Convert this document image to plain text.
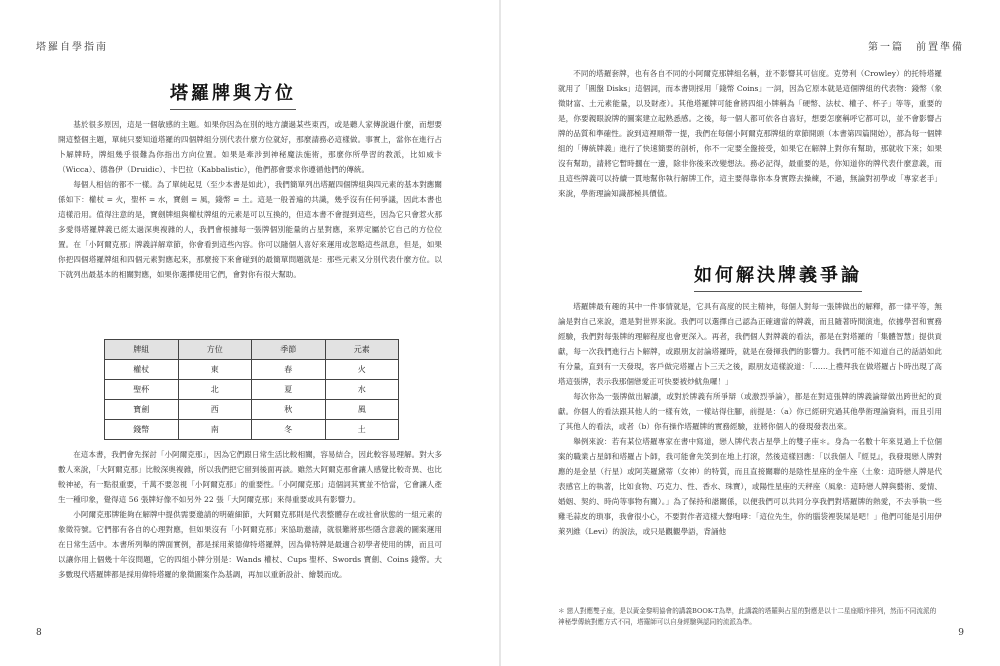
塔羅自學指南
塔羅牌與方位

基於很多原因，這是一個敏感的主題。如果你因為在別的地方讀過某些東西，或是聽人家傳說過什麼，而想要開這整個主題，單純只要知道塔羅的四個牌組分別代表什麼方位就好，那麼請務必這樣做。事實上，當你在進行占卜解牌時，牌組幾乎很難為你指出方向位置。如果是牽涉到神秘魔法施術，那麼你所學習的教派，比如威卡（Wicca）、德魯伊（Druidic）、卡巴拉（Kabbalistic），他們都會要求你遵循他們的傳統。

每個人相信的都不一樣。為了單純起見（至少本書是如此），我們簡單列出塔羅四個牌組與四元素的基本對應關係如下：權杖 = 火，聖杯 = 水，寶劍 = 風，錢幣 = 土。這是一般普遍的共識，幾乎沒有任何爭議，因此本書也這樣沿用。值得注意的是，寶劍牌組與權杖牌組的元素是可以互換的，但這本書不會提到這些，因為它只會惹火那多愛得塔羅牌義已經太過深奧複雜的人，我們會根據每一張牌個別能量的占星對應，來界定屬於它自己的方位位置。在「小阿爾克那」牌義詳解章節，你會看到這些內容。你可以隨個人喜好來運用或忽略這些訊息，但是，如果你把四個塔羅牌組和四個元素對應起來，那麼接下來會碰到的最簡單問題就是：那些元素又分別代表什麼方位。以下就列出最基本的相關對應，如果你選擇使用它們，會對你有很大幫助。

牌組	方位	季節	元素
權杖	東	春	火
聖杯	北	夏	水
寶劍	西	秋	風
錢幣	南	冬	土

在這本書，我們會先探討「小阿爾克那」，因為它們跟日常生活比較相關，容易結合，因此較容易理解。對大多數人來說，「大阿爾克那」比較深奧複雜，所以我們把它留到後面再談。雖然大阿爾克那會讓人感覺比較奇異、也比較神祕，有一點很重要，千萬不要忽視「小阿爾克那」的重要性。「小阿爾克那」這個詞其實並不恰當，它會讓人產生一種印象，覺得這 56 張牌好像不如另外 22 張「大阿爾克那」來得重要或具有影響力。

小阿爾克那牌能夠在解牌中提供需要邀請的明確細節，大阿爾克那則是代表整體存在或社會狀態的一組元素的象徵符號。它們都有各自的心理對應，但如果沒有「小阿爾克那」來協助邀請，就很難將那些隱含意義的圖案運用在日常生活中。本書所列舉的牌面實例，都是採用萊德偉特塔羅牌，因為偉特牌是最適合初學者使用的牌，而且可以讓你用上個幾十年沒問題，它的四組小牌分別是：Wands 權杖、Cups 聖杯、Swords 寶劍、Coins 錢幣。大多數現代塔羅牌都是採用偉特塔羅的象徵圖案作為基調，再加以重新設計、繪製而成。

8
第一篇　前置準備

不同的塔羅套牌，也有各自不同的小阿爾克那牌組名稱，並不影響其可信度。克勞利（Crowley）的托特塔羅就用了「圓盤 Disks」這個詞，而本書則採用「錢幣 Coins」一詞，因為它原本就是這個牌組的代表物：錢幣（象徵財富、土元素能量，以及財產）。其他塔羅牌可能會將四組小牌稱為「硬幣、法杖、權子、杯子」等等，重要的是，你要親眼說牌的圖案建立起熟悉感。之後，每一個人都可依各自喜好，想要怎麼稱呼它都可以，並不會影響占牌的品質和準確性。說到這裡順帶一提，我們在每個小阿爾克那牌組的章節開頭（本書第四篇開始），都為每一個牌組的「傳統牌義」進行了快速簡要的剖析，你不一定要全盤接受，如果它在解牌上對你有幫助，那就收下來；如果沒有幫助，請將它暫時擱在一邊，除非你後來改變想法。務必記得，最重要的是，你知道你的牌代表什麼意義，而且這些牌義可以持續一貫地幫你執行解牌工作，這主要得靠你本身實際去操練，不過，無論對初學或「專家老手」來說，學術理論知識都極具價值。

如何解決牌義爭論

塔羅牌最有趣的其中一件事情就是，它具有高度的民主精神，每個人對每一張牌做出的解釋，都一律平等，無論是對自己來說，還是對世界來說。我們可以選擇自己認為正確適當的牌義，而且隨著時間演進，依據學習和實務經驗，我們對每張牌的理解程度也會更深入。再者，我們個人對牌義的看法，都是在對塔羅的「集體智慧」提供貢獻，每一次我們進行占卜解牌，或跟朋友討論塔羅時，就是在發揮我們的影響力。我們可能不知道自己的話語如此有分量，直到有一天發現，客戶做完塔羅占卜三天之後，跟朋友這樣說道：「……上禮拜我在做塔羅占卜時出現了高塔這張牌，表示我那個戀愛正可快要被炒魷魚囉！」

每次你為一張牌做出解讀，或對於牌義有所爭辯（或激烈爭論），都是在對這張牌的牌義論辯做出跨世紀的貢獻。你個人的看法跟其他人的一樣有效，一樣站得住腳，前提是：（a）你已經研究過其他學術理論資料，而且引用了其他人的看法，或者（b）你有操作塔羅牌的實務經驗，並將你個人的發現發表出來。

舉例來說：若有某位塔羅專家在書中寫道，戀人牌代表占星學上的雙子座＊。身為一名數十年來見過上千位個案的職業占星師和塔羅占卜師，我可能會先笑到在地上打滾，然後這樣回應：「以我個人『經見』，我發現戀人牌對應的是金星（行星）或阿芙羅黛蒂（女神）的特質，而且直接關聯的是陰性星座的金牛座（土象：這時戀人牌是代表感官上的執著，比如食物、巧克力、性、香水、珠寶），或陽性星座的天秤座（風象：這時戀人牌與藝術、愛情、婚姻、契約、時尚等事物有關）。」為了保持和諧關係，以便我們可以共同分享我們對塔羅牌的熱愛，不去爭執一些雞毛蒜皮的瑣事，我會很小心，不要對作者這樣大聲咆哮：「這位先生，你的腦袋裡裝屎是吧！」他們可能是引用伊萊列維（Levi）的說法，或只是觀觀學語，背誦他

＊ 戀人對應雙子座，是以黃金黎明協會的講義BOOK-T為準，此講義的塔羅與占星的對應是以十二星座順序排列，然而不同流派的神秘學傳統對應方式不同，塔羅師可以自身經驗與認同的流派為準。
9
